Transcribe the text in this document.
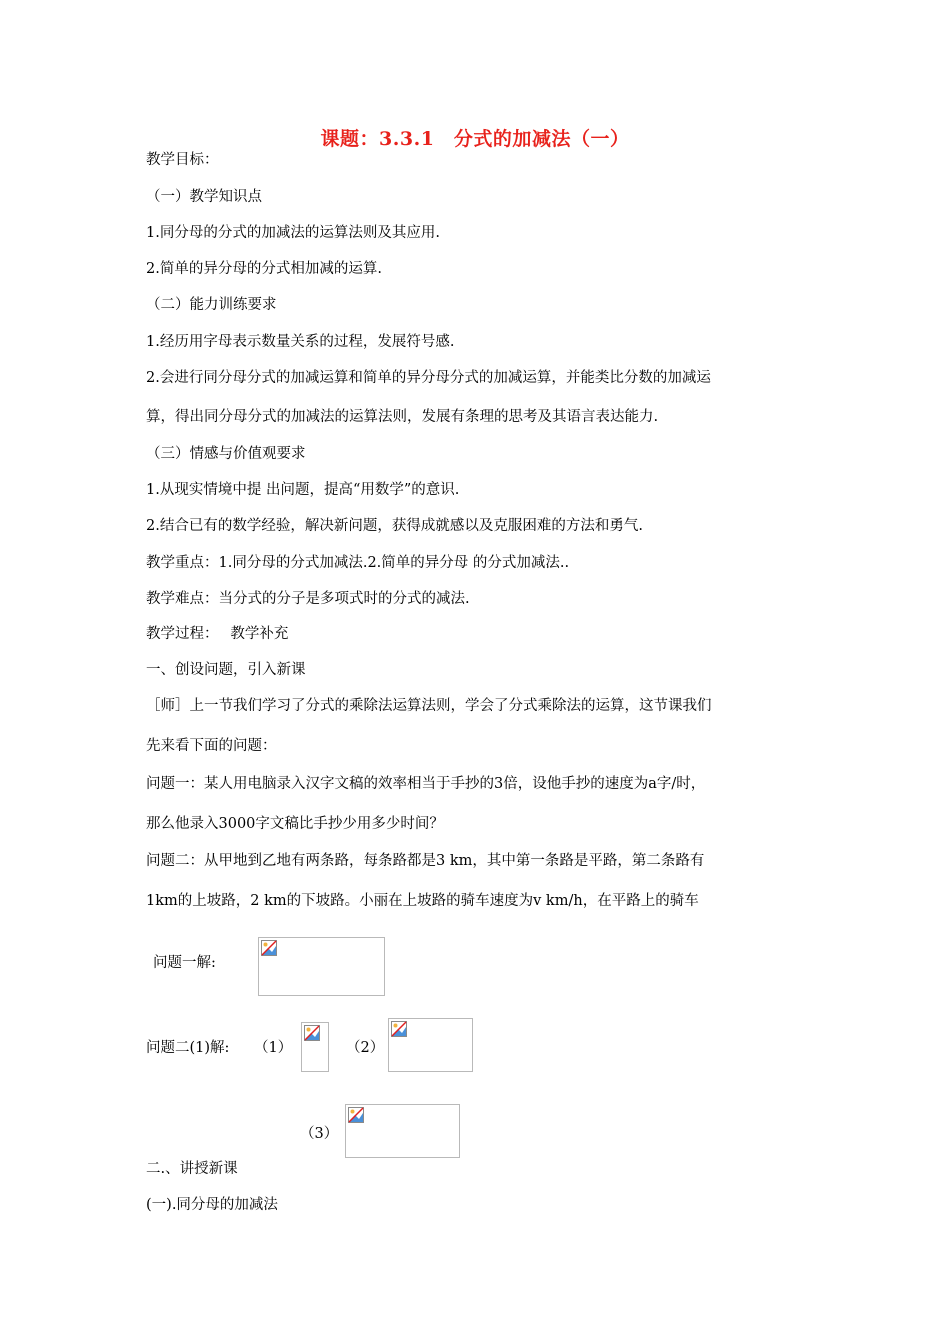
课题：3.3.1　分式的加减法（一）
教学目标：
（一）教学知识点
1.同分母的分式的加减法的运算法则及其应用.
2.简单的异分母的分式相加减的运算.
（二）能力训练要求
1.经历用字母表示数量关系的过程，发展符号感.
2.会进行同分母分式的加减运算和简单的异分母分式的加减运算，并能类比分数的加减运
算，得出同分母分式的加减法的运算法则，发展有条理的思考及其语言表达能力.
（三）情感与价值观要求
1.从现实情境中提 出问题，提高“用数学”的意识.
2.结合已有的数学经验，解决新问题，获得成就感以及克服困难的方法和勇气.
教学重点：1.同分母的分式加减法.2.简单的异分母 的分式加减法..
教学难点：当分式的分子是多项式时的分式的减法.
教学过程：　 教学补充
一、创设问题，引入新课
［师］上一节我们学习了分式的乘除法运算法则，学会了分式乘除法的运算，这节课我们
先来看下面的问题：
问题一：某人用电脑录入汉字文稿的效率相当于手抄的3倍，设他手抄的速度为a字/时，
那么他录入3000字文稿比手抄少用多少时间？
问题二：从甲地到乙地有两条路，每条路都是3 km，其中第一条路是平路，第二条路有
1km的上坡路，2 km的下坡路。小丽在上坡路的骑车速度为v km/h，在平路上的骑车
问题一解:
问题二(1)解: （1）	（2）
（3）
二.、讲授新课
(一).同分母的加减法
